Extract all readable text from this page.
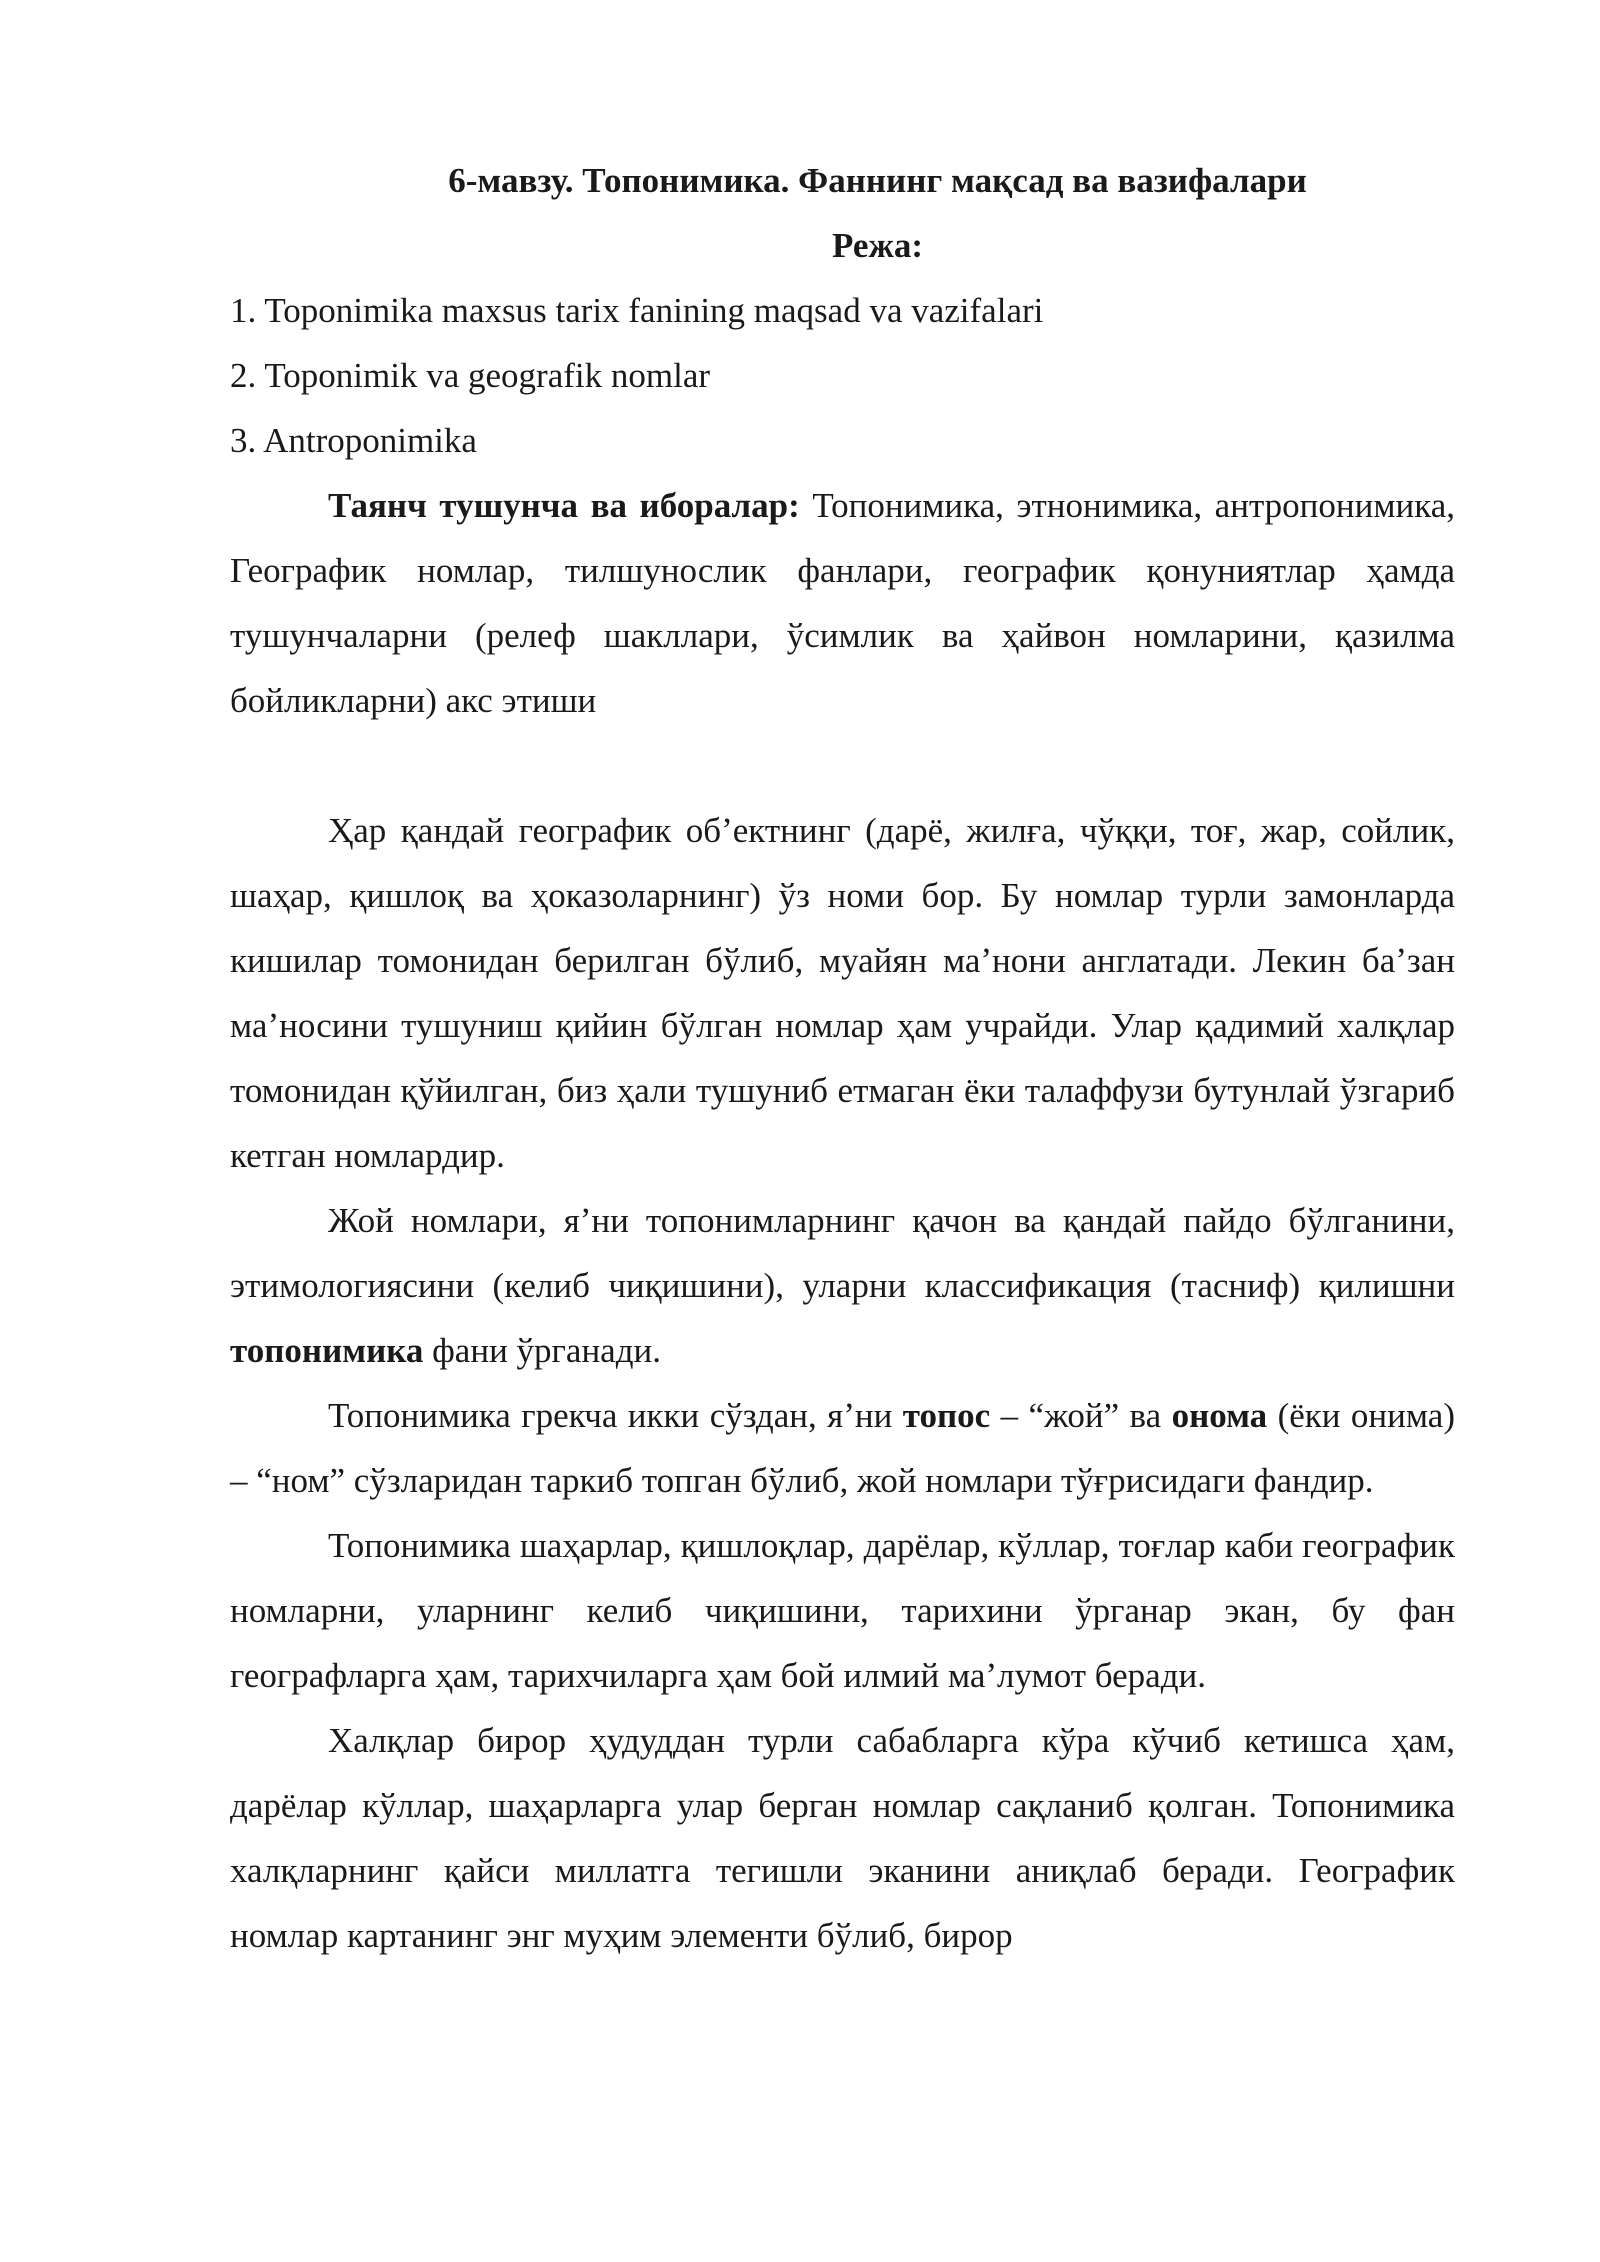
6-мавзу. Топонимика. Фаннинг мақсад ва вазифалари
Режа:
1. Toponimika maxsus tarix fanining maqsad va vazifalari
2. Toponimik va geografik nomlar
3. Antroponimika

Таянч тушунча ва иборалар: Топонимика, этнонимика, антропонимика, Географик номлар, тилшунослик фанлари, географик қонуниятлар ҳамда тушунчаларни (релеф шакллари, ўсимлик ва ҳайвон номларини, қазилма бойликларни) акс этиши

Ҳар қандай географик обʼектнинг (дарё, жилға, чўққи, тоғ, жар, сойлик, шаҳар, қишлоқ ва ҳоказоларнинг) ўз номи бор. Бу номлар турли замонларда кишилар томонидан берилган бўлиб, муайян маʼнони англатади. Лекин баʼзан маʼносини тушуниш қийин бўлган номлар ҳам учрайди. Улар қадимий халқлар томонидан қўйилган, биз ҳали тушуниб етмаган ёки талаффузи бутунлай ўзгариб кетган номлардир.

Жой номлари, яʼни топонимларнинг қачон ва қандай пайдо бўлганини, этимологиясини (келиб чиқишини), уларни классификация (тасниф) қилишни топонимика фани ўрганади.

Топонимика грекча икки сўздан, яʼни топос – “жой” ва онома (ёки онима) – “ном” сўзларидан таркиб топган бўлиб, жой номлари тўғрисидаги фандир.

Топонимика шаҳарлар, қишлоқлар, дарёлар, кўллар, тоғлар каби географик номларни, уларнинг келиб чиқишини, тарихини ўрганар экан, бу фан географларга ҳам, тарихчиларга ҳам бой илмий маʼлумот беради.

Халқлар бирор ҳудуддан турли сабабларга кўра кўчиб кетишса ҳам, дарёлар кўллар, шаҳарларга улар берган номлар сақланиб қолган. Топонимика халқларнинг қайси миллатга тегишли эканини аниқлаб беради. Географик номлар картанинг энг муҳим элементи бўлиб, бирор
